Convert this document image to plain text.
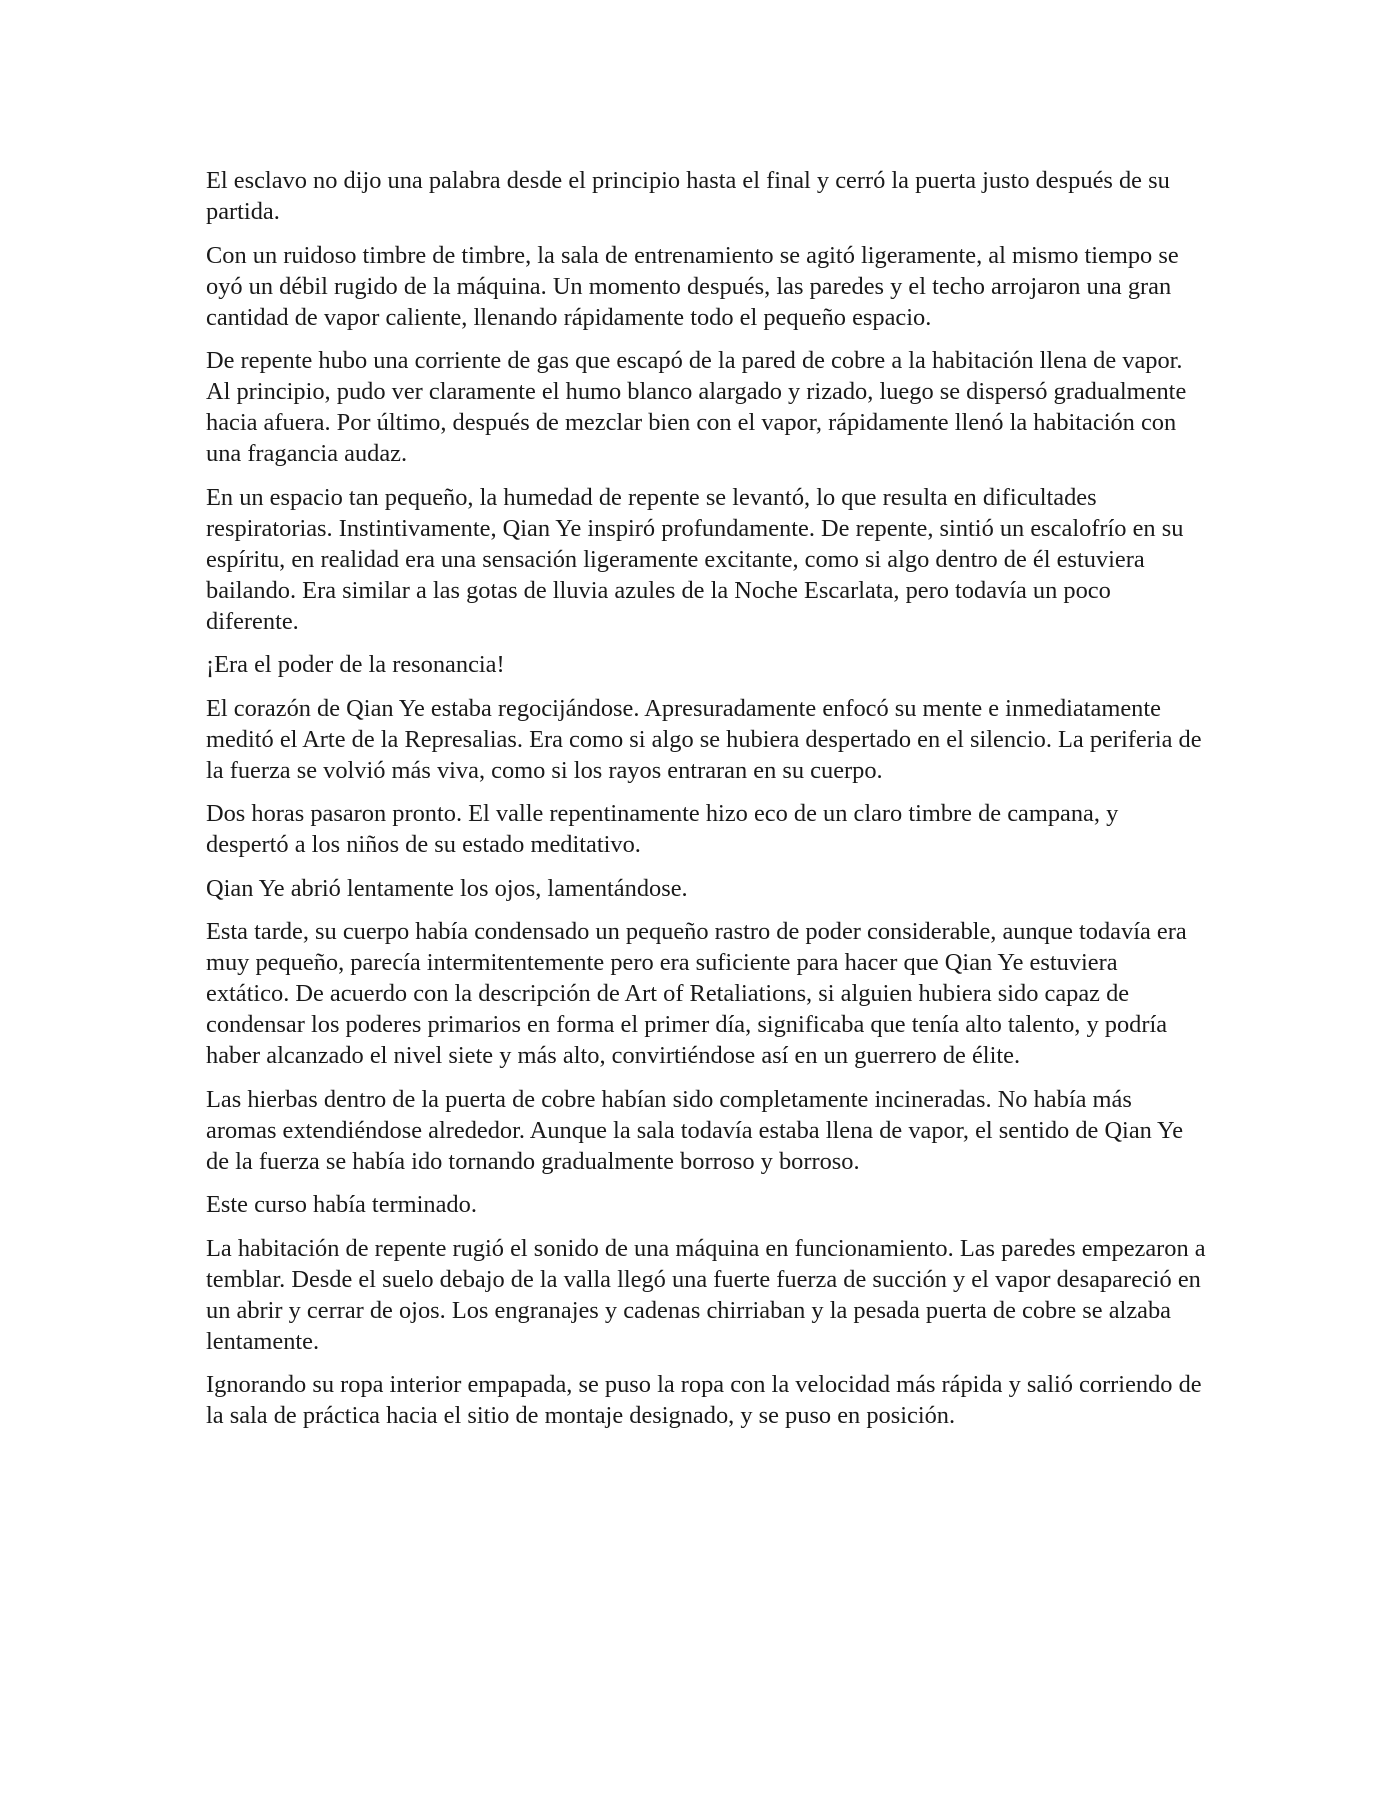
El esclavo no dijo una palabra desde el principio hasta el final y cerró la puerta justo después de su partida.

Con un ruidoso timbre de timbre, la sala de entrenamiento se agitó ligeramente, al mismo tiempo se oyó un débil rugido de la máquina. Un momento después, las paredes y el techo arrojaron una gran cantidad de vapor caliente, llenando rápidamente todo el pequeño espacio.

De repente hubo una corriente de gas que escapó de la pared de cobre a la habitación llena de vapor. Al principio, pudo ver claramente el humo blanco alargado y rizado, luego se dispersó gradualmente hacia afuera. Por último, después de mezclar bien con el vapor, rápidamente llenó la habitación con una fragancia audaz.

En un espacio tan pequeño, la humedad de repente se levantó, lo que resulta en dificultades respiratorias. Instintivamente, Qian Ye inspiró profundamente. De repente, sintió un escalofrío en su espíritu, en realidad era una sensación ligeramente excitante, como si algo dentro de él estuviera bailando. Era similar a las gotas de lluvia azules de la Noche Escarlata, pero todavía un poco diferente.

¡Era el poder de la resonancia!

El corazón de Qian Ye estaba regocijándose. Apresuradamente enfocó su mente e inmediatamente meditó el Arte de la Represalias. Era como si algo se hubiera despertado en el silencio. La periferia de la fuerza se volvió más viva, como si los rayos entraran en su cuerpo.

Dos horas pasaron pronto. El valle repentinamente hizo eco de un claro timbre de campana, y despertó a los niños de su estado meditativo.

Qian Ye abrió lentamente los ojos, lamentándose.

Esta tarde, su cuerpo había condensado un pequeño rastro de poder considerable, aunque todavía era muy pequeño, parecía intermitentemente pero era suficiente para hacer que Qian Ye estuviera extático. De acuerdo con la descripción de Art of Retaliations, si alguien hubiera sido capaz de condensar los poderes primarios en forma el primer día, significaba que tenía alto talento, y podría haber alcanzado el nivel siete y más alto, convirtiéndose así en un guerrero de élite.

Las hierbas dentro de la puerta de cobre habían sido completamente incineradas. No había más aromas extendiéndose alrededor. Aunque la sala todavía estaba llena de vapor, el sentido de Qian Ye de la fuerza se había ido tornando gradualmente borroso y borroso.

Este curso había terminado.

La habitación de repente rugió el sonido de una máquina en funcionamiento. Las paredes empezaron a temblar. Desde el suelo debajo de la valla llegó una fuerte fuerza de succión y el vapor desapareció en un abrir y cerrar de ojos. Los engranajes y cadenas chirriaban y la pesada puerta de cobre se alzaba lentamente.

Ignorando su ropa interior empapada, se puso la ropa con la velocidad más rápida y salió corriendo de la sala de práctica hacia el sitio de montaje designado, y se puso en posición.
